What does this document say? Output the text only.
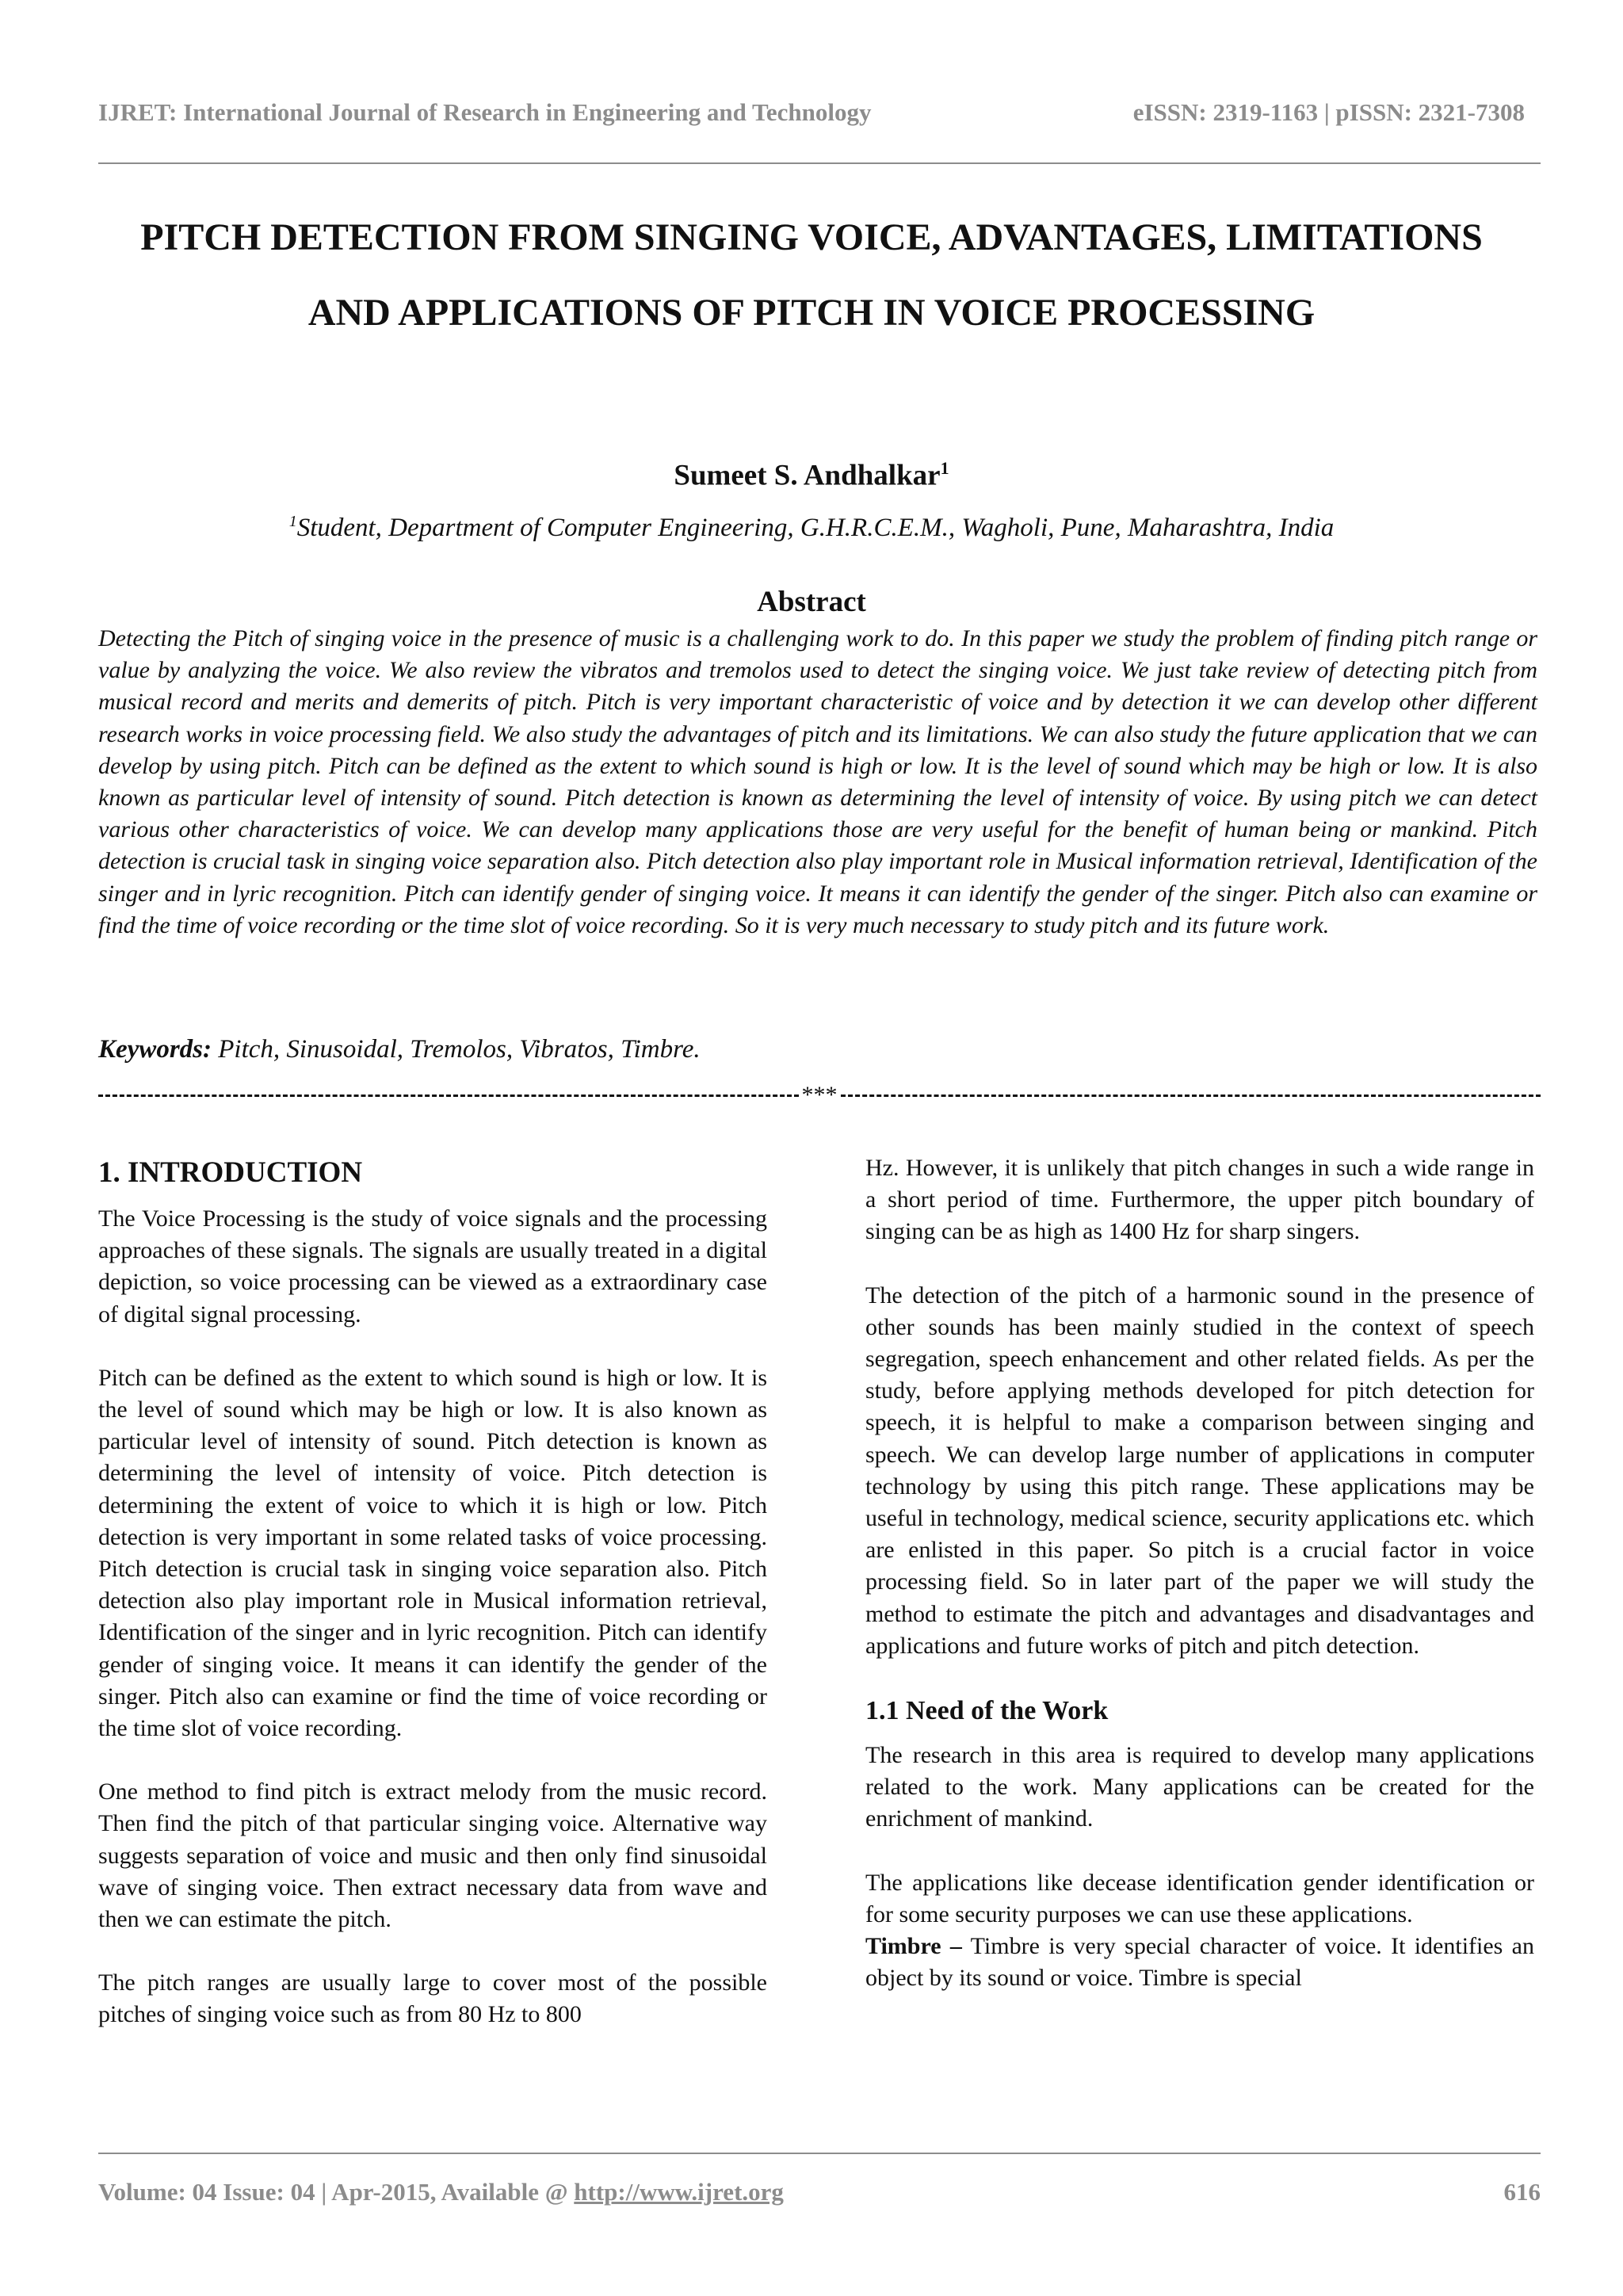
IJRET: International Journal of Research in Engineering and Technology	eISSN: 2319-1163 | pISSN: 2321-7308
PITCH DETECTION FROM SINGING VOICE, ADVANTAGES, LIMITATIONS AND APPLICATIONS OF PITCH IN VOICE PROCESSING
Sumeet S. Andhalkar$^1$
$^1$Student, Department of Computer Engineering, G.H.R.C.E.M., Wagholi, Pune, Maharashtra, India
Abstract

Detecting the Pitch of singing voice in the presence of music is a challenging work to do. In this paper we study the problem of finding pitch range or value by analyzing the voice. We also review the vibratos and tremolos used to detect the singing voice. We just take review of detecting pitch from musical record and merits and demerits of pitch. Pitch is very important characteristic of voice and by detection it we can develop other different research works in voice processing field. We also study the advantages of pitch and its limitations. We can also study the future application that we can develop by using pitch. Pitch can be defined as the extent to which sound is high or low. It is the level of sound which may be high or low. It is also known as particular level of intensity of sound. Pitch detection is known as determining the level of intensity of voice. By using pitch we can detect various other characteristics of voice. We can develop many applications those are very useful for the benefit of human being or mankind. Pitch detection is crucial task in singing voice separation also. Pitch detection also play important role in Musical information retrieval, Identification of the singer and in lyric recognition. Pitch can identify gender of singing voice. It means it can identify the gender of the singer. Pitch also can examine or find the time of voice recording or the time slot of voice recording. So it is very much necessary to study pitch and its future work.

Keywords: Pitch, Sinusoidal, Tremolos, Vibratos, Timbre.
***
1. INTRODUCTION

The Voice Processing is the study of voice signals and the processing approaches of these signals. The signals are usually treated in a digital depiction, so voice processing can be viewed as a extraordinary case of digital signal processing.

Pitch can be defined as the extent to which sound is high or low. It is the level of sound which may be high or low. It is also known as particular level of intensity of sound. Pitch detection is known as determining the level of intensity of voice. Pitch detection is determining the extent of voice to which it is high or low. Pitch detection is very important in some related tasks of voice processing. Pitch detection is crucial task in singing voice separation also. Pitch detection also play important role in Musical information retrieval, Identification of the singer and in lyric recognition. Pitch can identify gender of singing voice. It means it can identify the gender of the singer. Pitch also can examine or find the time of voice recording or the time slot of voice recording.

One method to find pitch is extract melody from the music record. Then find the pitch of that particular singing voice. Alternative way suggests separation of voice and music and then only find sinusoidal wave of singing voice. Then extract necessary data from wave and then we can estimate the pitch.

The pitch ranges are usually large to cover most of the possible pitches of singing voice such as from 80 Hz to 800

Hz. However, it is unlikely that pitch changes in such a wide range in a short period of time. Furthermore, the upper pitch boundary of singing can be as high as 1400 Hz for sharp singers.

The detection of the pitch of a harmonic sound in the presence of other sounds has been mainly studied in the context of speech segregation, speech enhancement and other related fields. As per the study, before applying methods developed for pitch detection for speech, it is helpful to make a comparison between singing and speech. We can develop large number of applications in computer technology by using this pitch range. These applications may be useful in technology, medical science, security applications etc. which are enlisted in this paper. So pitch is a crucial factor in voice processing field. So in later part of the paper we will study the method to estimate the pitch and advantages and disadvantages and applications and future works of pitch and pitch detection.

1.1 Need of the Work

The research in this area is required to develop many applications related to the work. Many applications can be created for the enrichment of mankind.

The applications like decease identification gender identification or for some security purposes we can use these applications.

Timbre – Timbre is very special character of voice. It identifies an object by its sound or voice. Timbre is special

Volume: 04 Issue: 04 | Apr-2015, Available @ http://www.ijret.org	616
